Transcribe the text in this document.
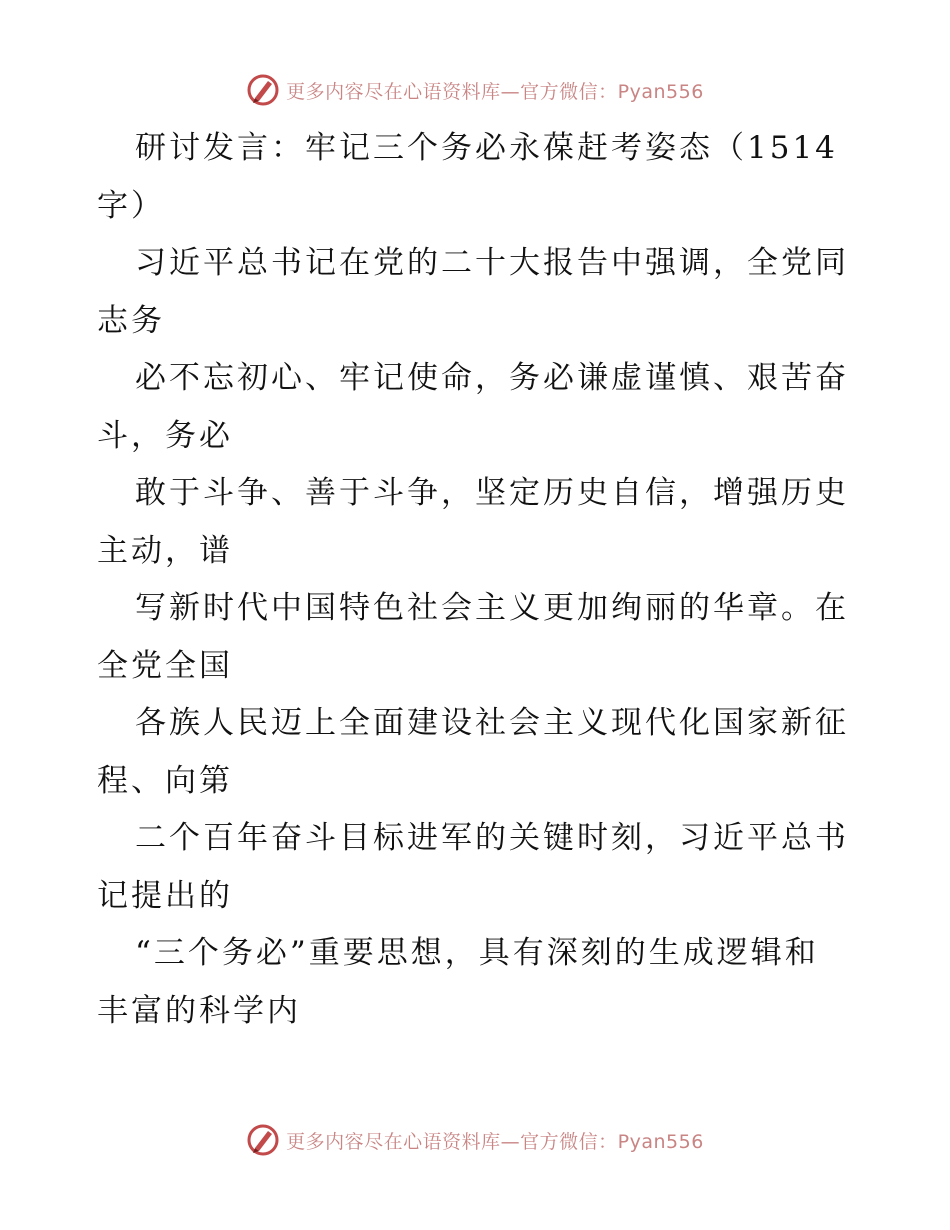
更多内容尽在心语资料库—官方微信：Pyan556

研讨发言：牢记三个务必永葆赶考姿态（1514

字）

习近平总书记在党的二十大报告中强调，全党同

志务

必不忘初心、牢记使命，务必谦虚谨慎、艰苦奋

斗，务必

敢于斗争、善于斗争，坚定历史自信，增强历史

主动，谱

写新时代中国特色社会主义更加绚丽的华章。在

全党全国

各族人民迈上全面建设社会主义现代化国家新征

程、向第

二个百年奋斗目标进军的关键时刻，习近平总书

记提出的

“三个务必”重要思想，具有深刻的生成逻辑和

丰富的科学内

更多内容尽在心语资料库—官方微信：Pyan556
